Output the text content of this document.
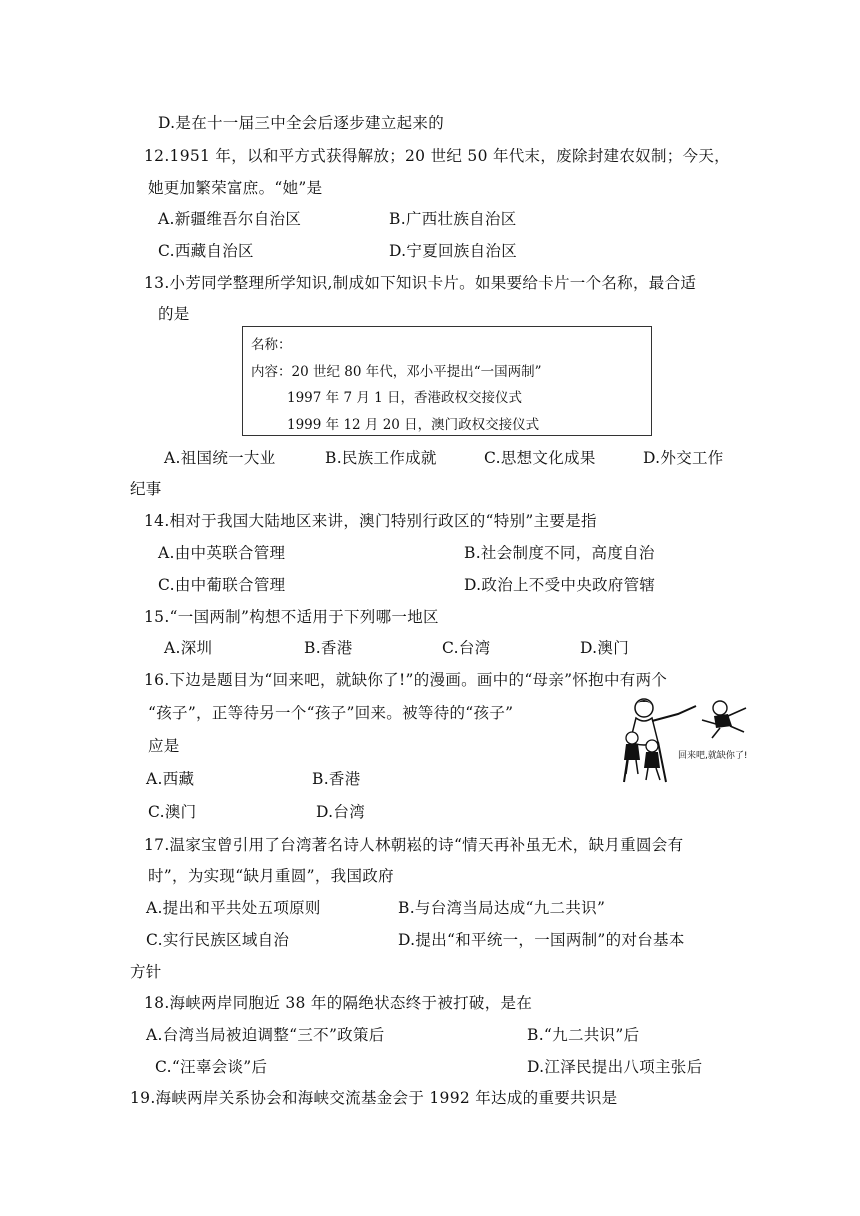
D.是在十一届三中全会后逐步建立起来的
12.1951 年，以和平方式获得解放；20 世纪 50 年代末，废除封建农奴制；今天，
她更加繁荣富庶。“她”是
A.新疆维吾尔自治区	B.广西壮族自治区
C.西藏自治区	D.宁夏回族自治区
13.小芳同学整理所学知识,制成如下知识卡片。如果要给卡片一个名称，最合适
的是
名称：
内容：20 世纪 80 年代，邓小平提出“一国两制”
1997 年 7 月 1 日，香港政权交接仪式
1999 年 12 月 20 日，澳门政权交接仪式
A.祖国统一大业	B.民族工作成就	C.思想文化成果	D.外交工作
纪事
14.相对于我国大陆地区来讲，澳门特别行政区的“特别”主要是指
A.由中英联合管理	B.社会制度不同，高度自治
C.由中葡联合管理	D.政治上不受中央政府管辖
15.“一国两制”构想不适用于下列哪一地区
A.深圳	B.香港	C.台湾	D.澳门
16.下边是题目为“回来吧，就缺你了!”的漫画。画中的“母亲”怀抱中有两个
“孩子”，正等待另一个“孩子”回来。被等待的“孩子”
应是
回来吧,就缺你了!
A.西藏	B.香港
C.澳门	D.台湾
17.温家宝曾引用了台湾著名诗人林朝崧的诗“情天再补虽无术，缺月重圆会有
时”，为实现“缺月重圆”，我国政府
A.提出和平共处五项原则	B.与台湾当局达成“九二共识”
C.实行民族区域自治	D.提出“和平统一，一国两制”的对台基本
方针
18.海峡两岸同胞近 38 年的隔绝状态终于被打破，是在
A.台湾当局被迫调整“三不”政策后	B.“九二共识”后
C.“汪辜会谈”后	D.江泽民提出八项主张后
19.海峡两岸关系协会和海峡交流基金会于 1992 年达成的重要共识是
